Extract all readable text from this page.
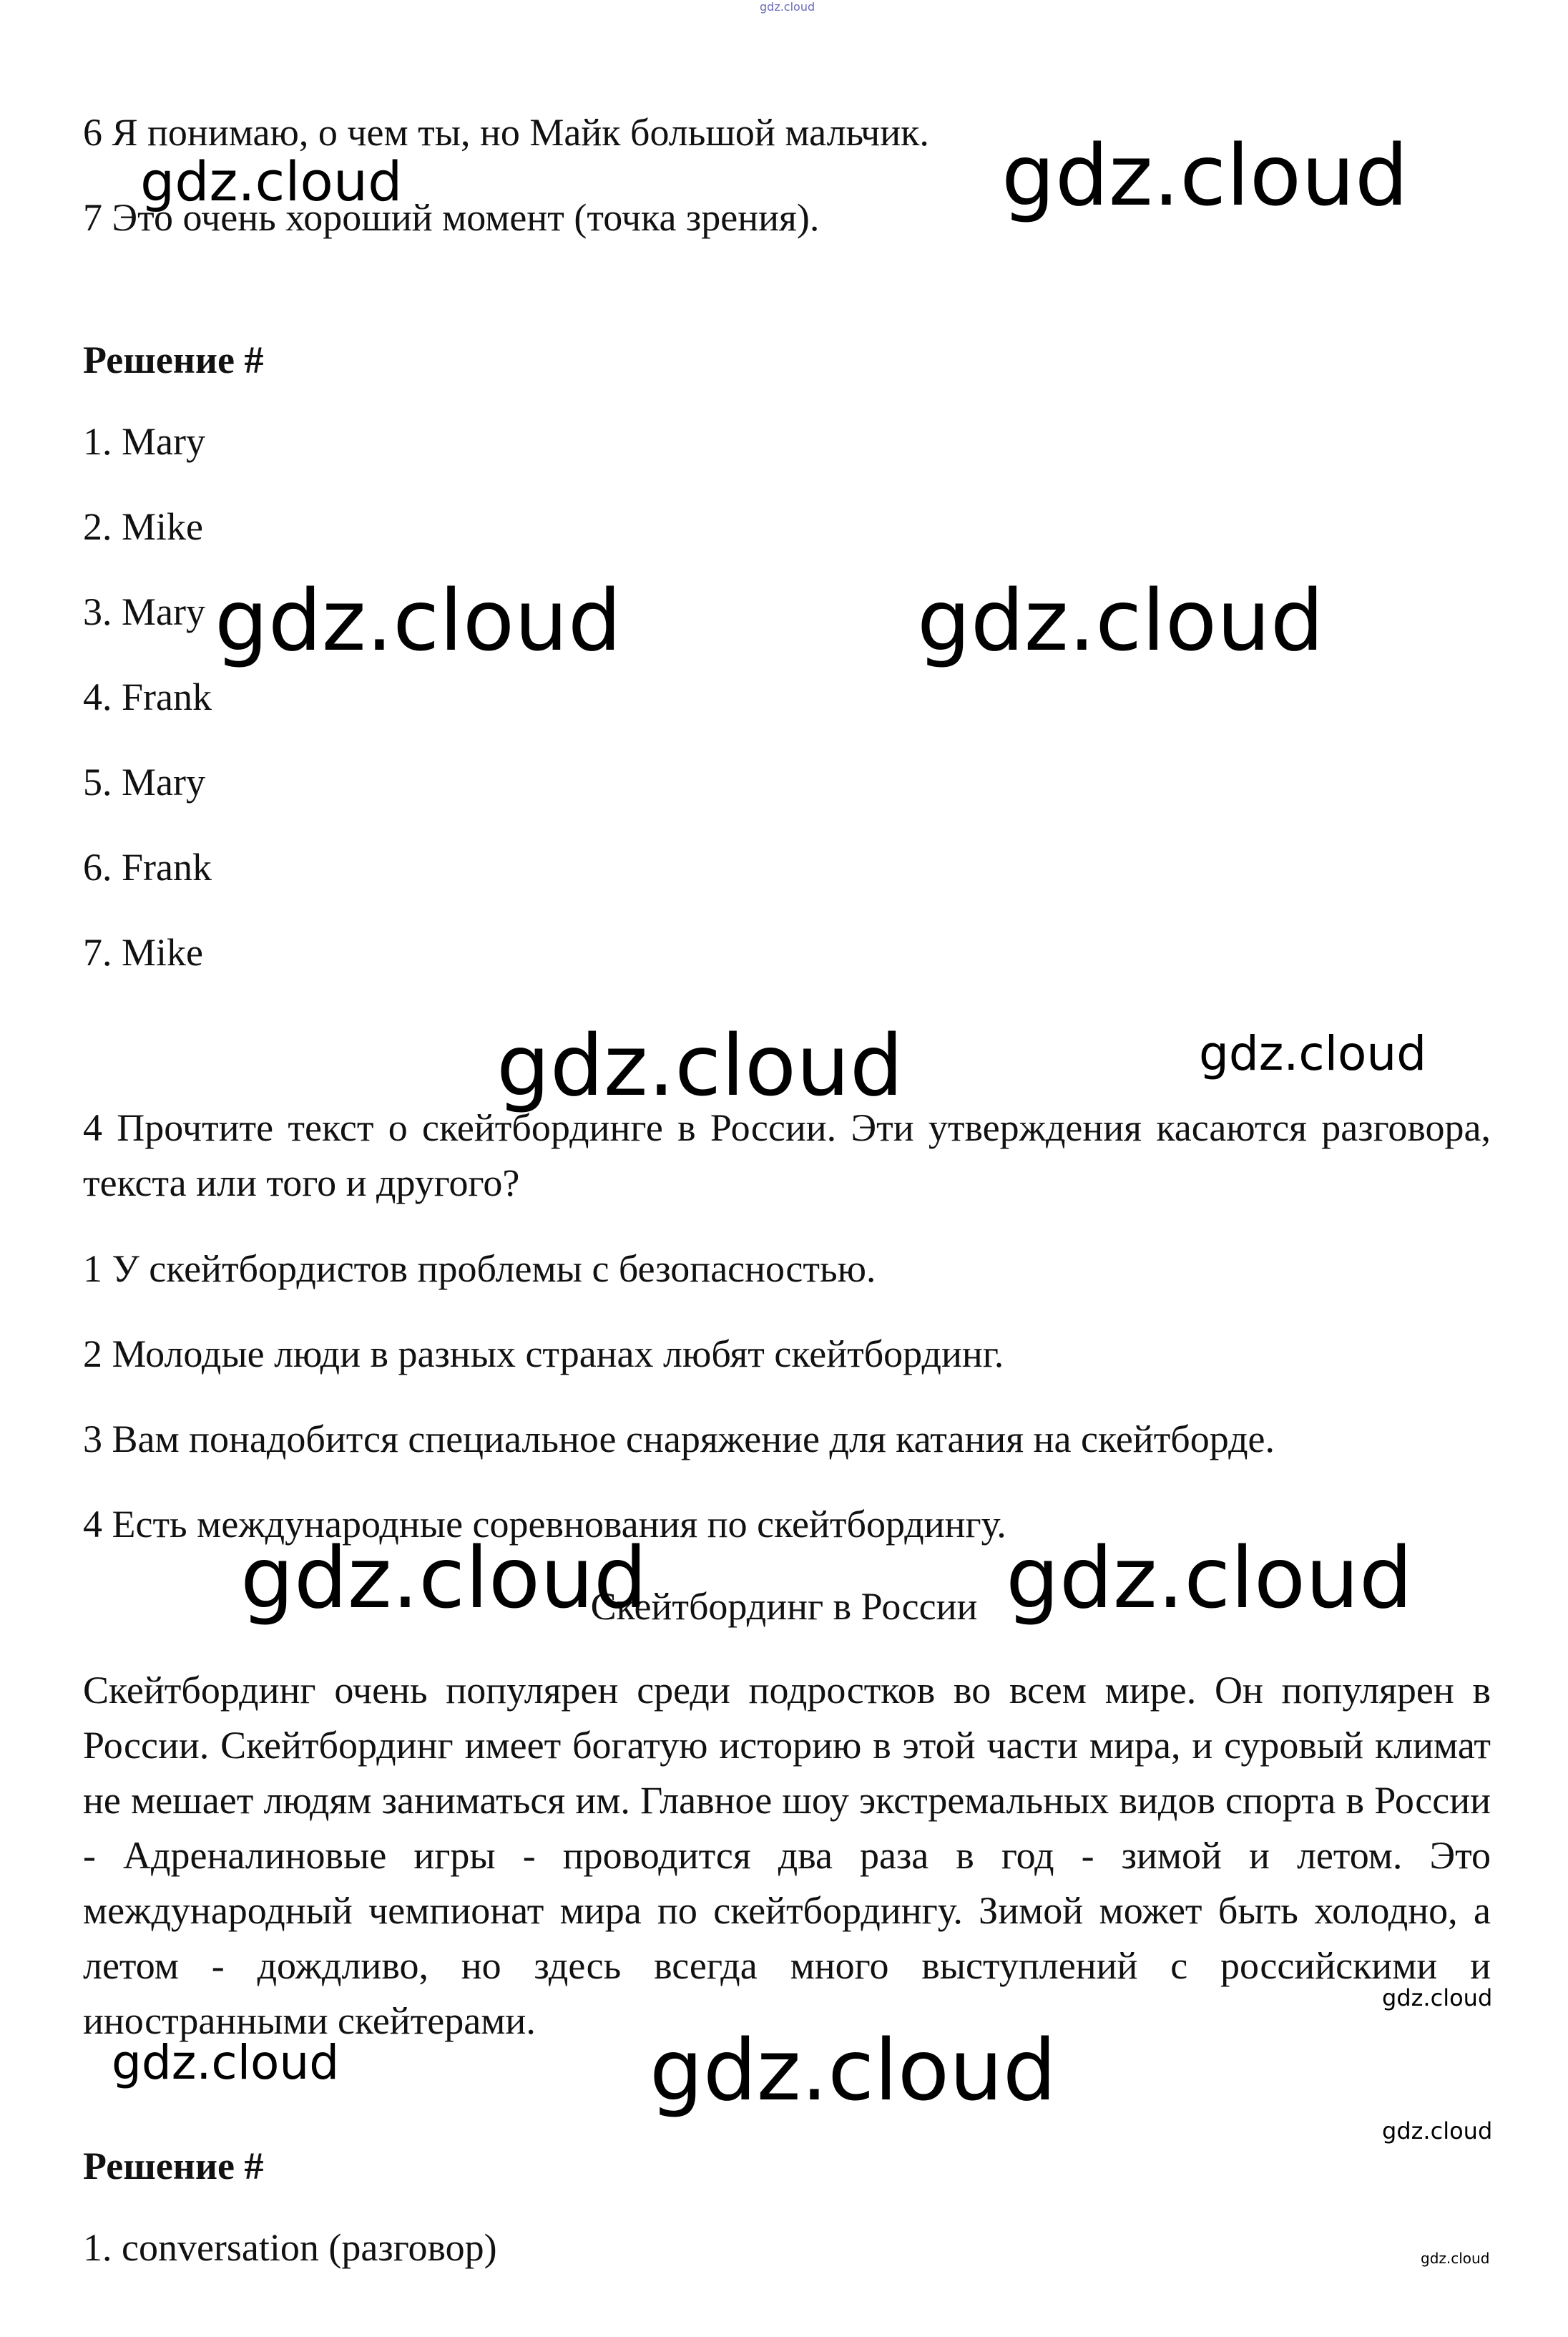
gdz.cloud
6 Я понимаю, о чем ты, но Майк большой мальчик.
7 Это очень хороший момент (точка зрения).
gdz.cloud	gdz.cloud
Решение #
1. Mary
2. Mike
3. Mary
4. Frank
5. Mary
6. Frank
7. Mike
gdz.cloud	gdz.cloud
gdz.cloud	gdz.cloud

4 Прочтите текст о скейтбординге в России. Эти утверждения касаются разговора, текста или того и другого?

1 У скейтбордистов проблемы с безопасностью.
2 Молодые люди в разных странах любят скейтбординг.
3 Вам понадобится специальное снаряжение для катания на скейтборде.
4 Есть международные соревнования по скейтбордингу.
Скейтбординг в России
gdz.cloud	gdz.cloud

Скейтбординг очень популярен среди подростков во всем мире. Он популярен в России. Скейтбординг имеет богатую историю в этой части мира, и суровый климат не мешает людям заниматься им. Главное шоу экстремальных видов спорта в России - Адреналиновые игры - проводится два раза в год - зимой и летом. Это международный чемпионат мира по скейтбордингу. Зимой может быть холодно, а летом - дождливо, но здесь всегда много выступлений с российскими и иностранными скейтерами.

gdz.cloud
gdz.cloud	gdz.cloud
gdz.cloud
Решение #
1. conversation (разговор)	gdz.cloud
